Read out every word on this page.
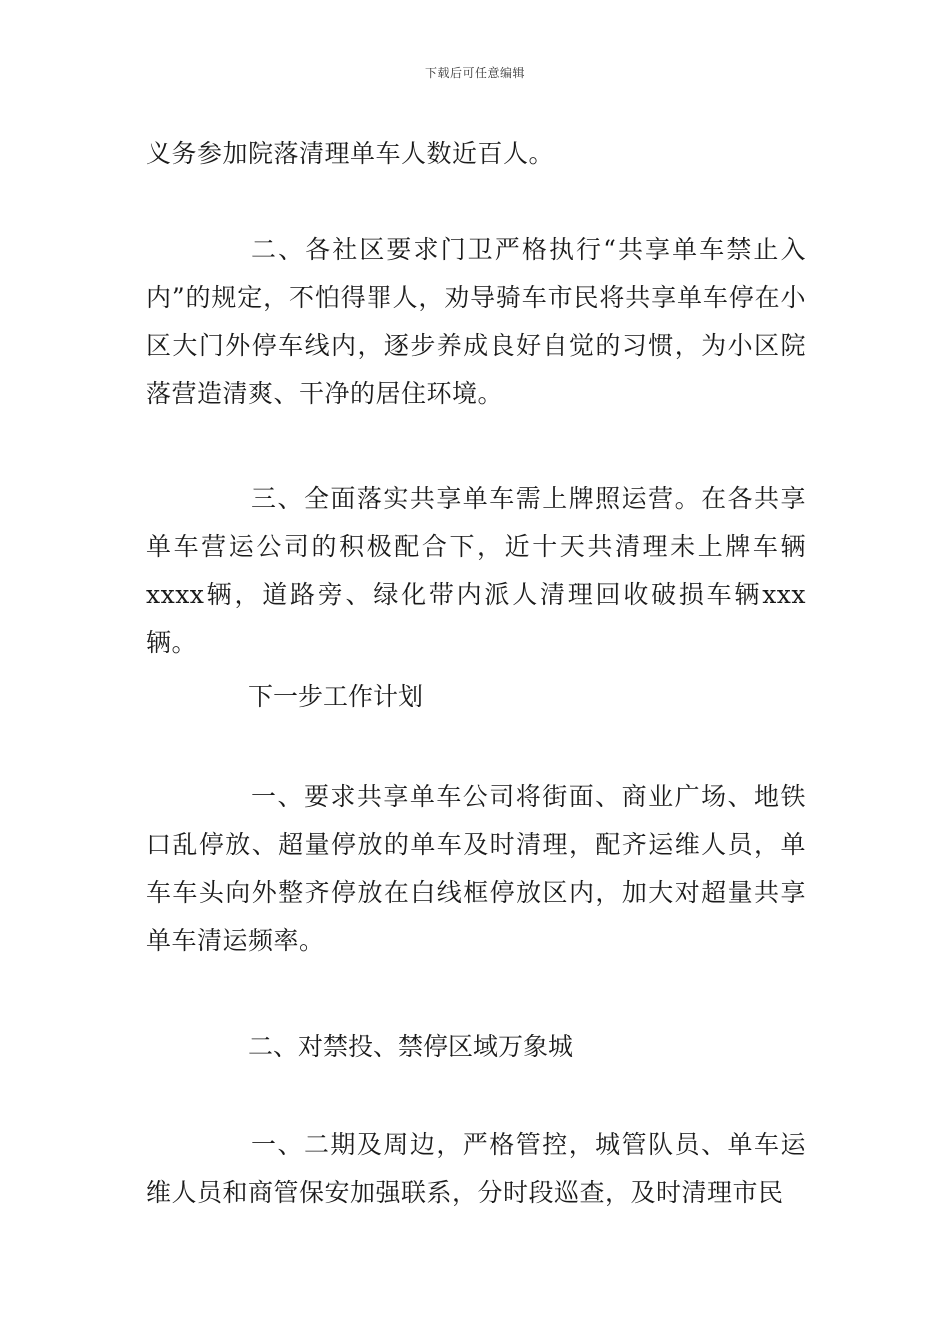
下载后可任意编辑
义务参加院落清理单车人数近百人。
二、各社区要求门卫严格执行“共享单车禁止入内”的规定，不怕得罪人，劝导骑车市民将共享单车停在小区大门外停车线内，逐步养成良好自觉的习惯，为小区院落营造清爽、干净的居住环境。
三、全面落实共享单车需上牌照运营。在各共享单车营运公司的积极配合下，近十天共清理未上牌车辆xxxx辆，道路旁、绿化带内派人清理回收破损车辆xxx辆。
下一步工作计划
一、要求共享单车公司将街面、商业广场、地铁口乱停放、超量停放的单车及时清理，配齐运维人员，单车车头向外整齐停放在白线框停放区内，加大对超量共享单车清运频率。
二、对禁投、禁停区域万象城
一、二期及周边，严格管控，城管队员、单车运维人员和商管保安加强联系，分时段巡查，及时清理市民
